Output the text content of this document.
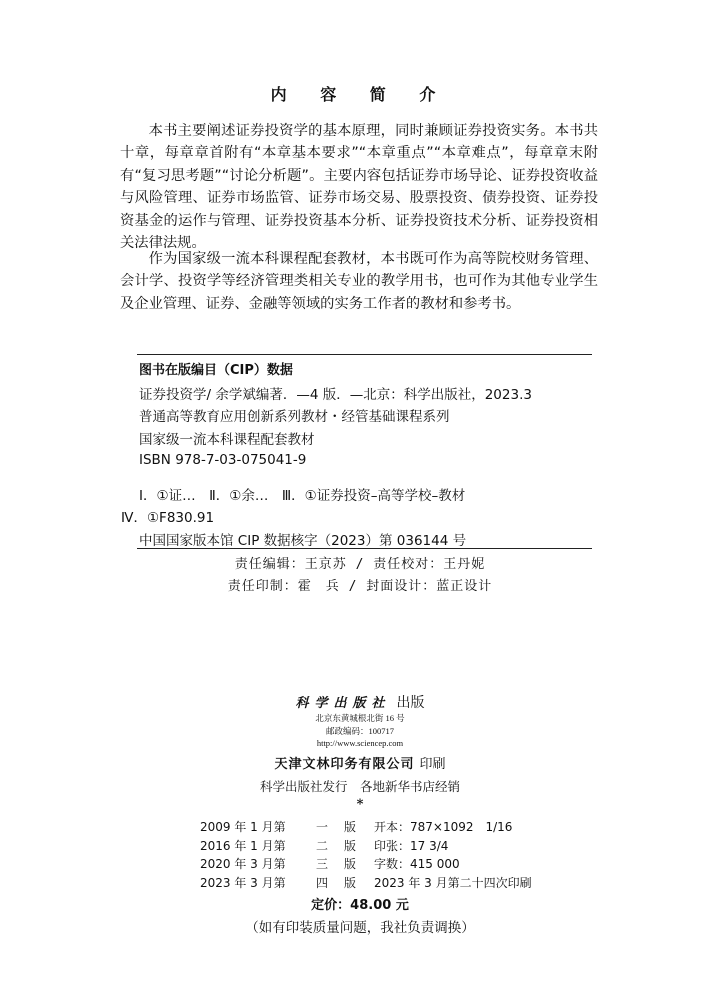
内 容 简 介
本书主要阐述证券投资学的基本原理，同时兼顾证券投资实务。本书共十章，每章章首附有“本章基本要求”“本章重点”“本章难点”，每章章末附有“复习思考题”“讨论分析题”。主要内容包括证券市场导论、证券投资收益与风险管理、证券市场监管、证券市场交易、股票投资、债券投资、证券投资基金的运作与管理、证券投资基本分析、证券投资技术分析、证券投资相关法律法规。
作为国家级一流本科课程配套教材，本书既可作为高等院校财务管理、会计学、投资学等经济管理类相关专业的教学用书，也可作为其他专业学生及企业管理、证券、金融等领域的实务工作者的教材和参考书。
图书在版编目（CIP）数据
证券投资学/ 余学斌编著．—4 版．—北京：科学出版社，2023.3
普通高等教育应用创新系列教材・经管基础课程系列
国家级一流本科课程配套教材
ISBN 978-7-03-075041-9
Ⅰ．①证…　Ⅱ．①余…　Ⅲ．①证券投资–高等学校–教材
Ⅳ．①F830.91
中国国家版本馆 CIP 数据核字（2023）第 036144 号
责任编辑：王京苏 / 责任校对：王丹妮
责任印制：霍　兵 / 封面设计：蓝正设计
科学出版社 出版
北京东黄城根北街 16 号
邮政编码：100717
http://www.sciencep.com
天津文林印务有限公司 印刷
科学出版社发行　各地新华书店经销
*
2009 年 1 月第	一 版 开本：787×1092　1/16
2016 年 1 月第	二 版 印张：17 3/4
2020 年 3 月第	三 版 字数：415 000
2023 年 3 月第	四 版 2023 年 3 月第二十四次印刷
定价：48.00 元
（如有印装质量问题，我社负责调换）
